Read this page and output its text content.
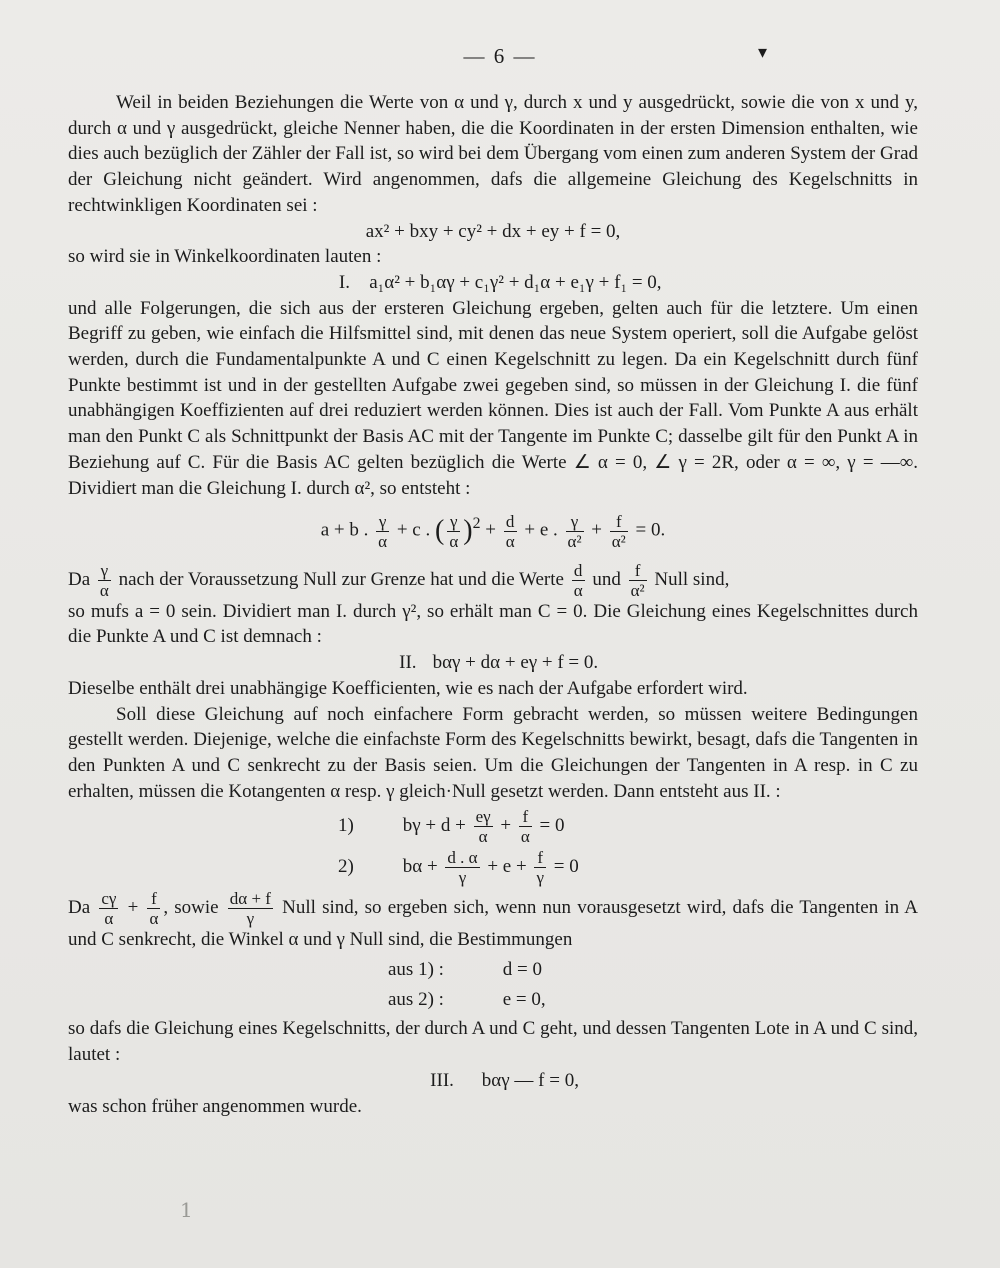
— 6 —	▾

Weil in beiden Beziehungen die Werte von α und γ, durch x und y ausgedrückt, sowie die von x und y, durch α und γ ausgedrückt, gleiche Nenner haben, die die Koordinaten in der ersten Dimension enthalten, wie dies auch bezüglich der Zähler der Fall ist, so wird bei dem Übergang vom einen zum anderen System der Grad der Gleichung nicht geändert. Wird angenommen, dafs die allgemeine Gleichung des Kegelschnitts in rechtwinkligen Koordinaten sei :

ax² + bxy + cy² + dx + ey + f = 0,

so wird sie in Winkelkoordinaten lauten :

I. a₁α² + b₁αγ + c₁γ² + d₁α + e₁γ + f₁ = 0,

und alle Folgerungen, die sich aus der ersteren Gleichung ergeben, gelten auch für die letztere. Um einen Begriff zu geben, wie einfach die Hilfsmittel sind, mit denen das neue System operiert, soll die Aufgabe gelöst werden, durch die Fundamentalpunkte A und C einen Kegelschnitt zu legen. Da ein Kegelschnitt durch fünf Punkte bestimmt ist und in der gestellten Aufgabe zwei gegeben sind, so müssen in der Gleichung I. die fünf unabhängigen Koeffizienten auf drei reduziert werden können. Dies ist auch der Fall. Vom Punkte A aus erhält man den Punkt C als Schnittpunkt der Basis AC mit der Tangente im Punkte C; dasselbe gilt für den Punkt A in Beziehung auf C. Für die Basis AC gelten bezüglich die Werte ∠ α = 0, ∠ γ = 2R, oder α = ∞, γ = —∞. Dividiert man die Gleichung I. durch α², so entsteht :

a + b . $\frac{\gamma}{\alpha} + c$ . ( $\frac{\gamma}{\alpha} )^2 + \frac{d}{\alpha} + e$ . $\frac{\gamma}{\text{α²}} + \frac{f}{\text{α²}} = 0$.

Da $\frac{\gamma}{\alpha}$ nach der Voraussetzung Null zur Grenze hat und die Werte $\frac{d}{\alpha}$ und $\frac{f}{\text{α²}}$ Null sind,

so mufs a = 0 sein. Dividiert man I. durch γ², so erhält man C = 0. Die Gleichung eines Kegelschnittes durch die Punkte A und C ist demnach :

II. bαγ + dα + eγ + f = 0.

Dieselbe enthält drei unabhängige Koefficienten, wie es nach der Aufgabe erfordert wird.

Soll diese Gleichung auf noch einfachere Form gebracht werden, so müssen weitere Bedingungen gestellt werden. Diejenige, welche die einfachste Form des Kegelschnitts bewirkt, besagt, dafs die Tangenten in den Punkten A und C senkrecht zu der Basis seien. Um die Gleichungen der Tangenten in A resp. in C zu erhalten, müssen die Kotangenten α resp. γ gleich·Null gesetzt werden. Dann entsteht aus II. :

1)	$b\gamma + d + \frac{e\gamma}{\alpha} + \frac{f}{\alpha} = 0$
2)	$b\alpha + \frac{d . \alpha}{\gamma} + e + \frac{f}{\gamma} = 0$

Da $\frac{c\gamma}{\alpha} + \frac{f}{\alpha}$ , sowie $\frac{d\alpha + f}{\gamma}$ Null sind, so ergeben sich, wenn nun vorausgesetzt wird, dafs die Tangenten in A und C senkrecht, die Winkel α und γ Null sind, die Bestimmungen

aus 1) :	d = 0
aus 2) :	e = 0,

so dafs die Gleichung eines Kegelschnitts, der durch A und C geht, und dessen Tangenten Lote in A und C sind, lautet :

III. bαγ — f = 0,

was schon früher angenommen wurde.

1
